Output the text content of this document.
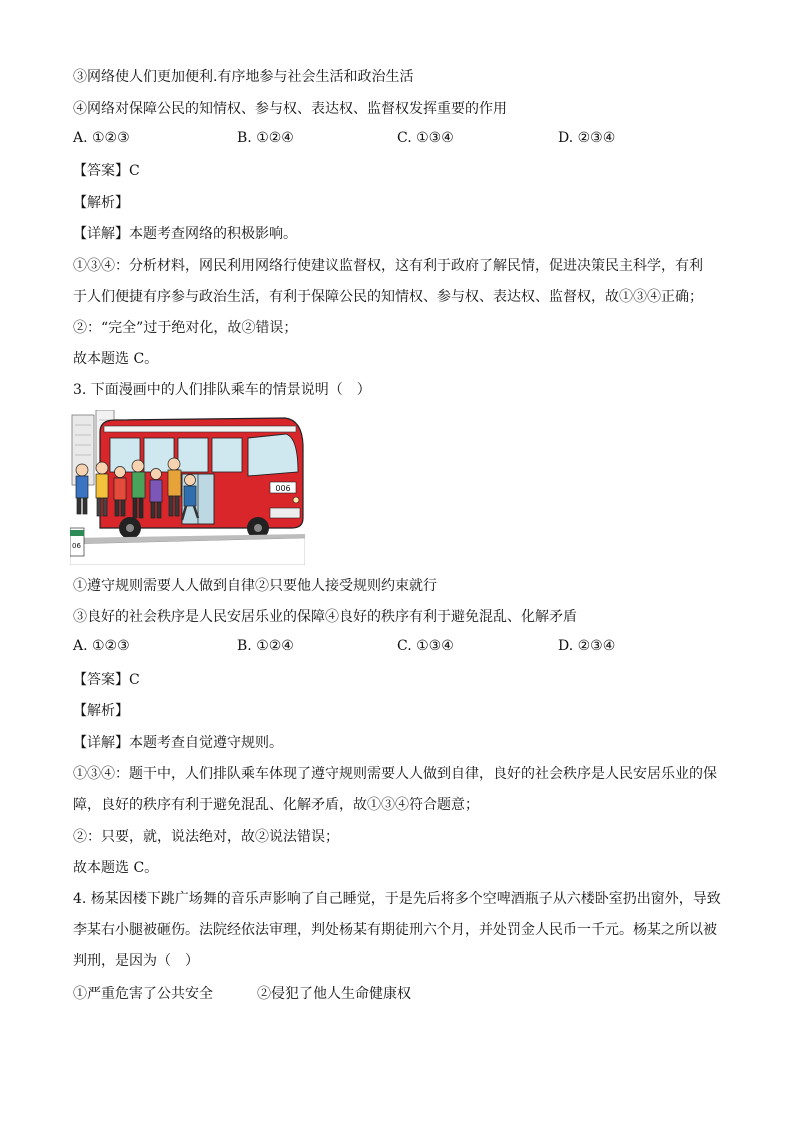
③网络使人们更加便利.有序地参与社会生活和政治生活
④网络对保障公民的知情权、参与权、表达权、监督权发挥重要的作用
A. ①②③	B. ①②④	C. ①③④	D. ②③④
【答案】C
【解析】
【详解】本题考查网络的积极影响。
①③④：分析材料，网民利用网络行使建议监督权，这有利于政府了解民情，促进决策民主科学，有利
于人们便捷有序参与政治生活，有利于保障公民的知情权、参与权、表达权、监督权，故①③④正确；
②：“完全”过于绝对化，故②错误；
故本题选 C。
3. 下面漫画中的人们排队乘车的情景说明（　）
006
06
①遵守规则需要人人做到自律②只要他人接受规则约束就行
③良好的社会秩序是人民安居乐业的保障④良好的秩序有利于避免混乱、化解矛盾
A. ①②③	B. ①②④	C. ①③④	D. ②③④
【答案】C
【解析】
【详解】本题考查自觉遵守规则。
①③④：题干中，人们排队乘车体现了遵守规则需要人人做到自律，良好的社会秩序是人民安居乐业的保
障，良好的秩序有利于避免混乱、化解矛盾，故①③④符合题意；
②：只要，就，说法绝对，故②说法错误；
故本题选 C。
4. 杨某因楼下跳广场舞的音乐声影响了自己睡觉，于是先后将多个空啤酒瓶子从六楼卧室扔出窗外，导致
李某右小腿被砸伤。法院经依法审理，判处杨某有期徒刑六个月，并处罚金人民币一千元。杨某之所以被
判刑，是因为（　）
①严重危害了公共安全	②侵犯了他人生命健康权
